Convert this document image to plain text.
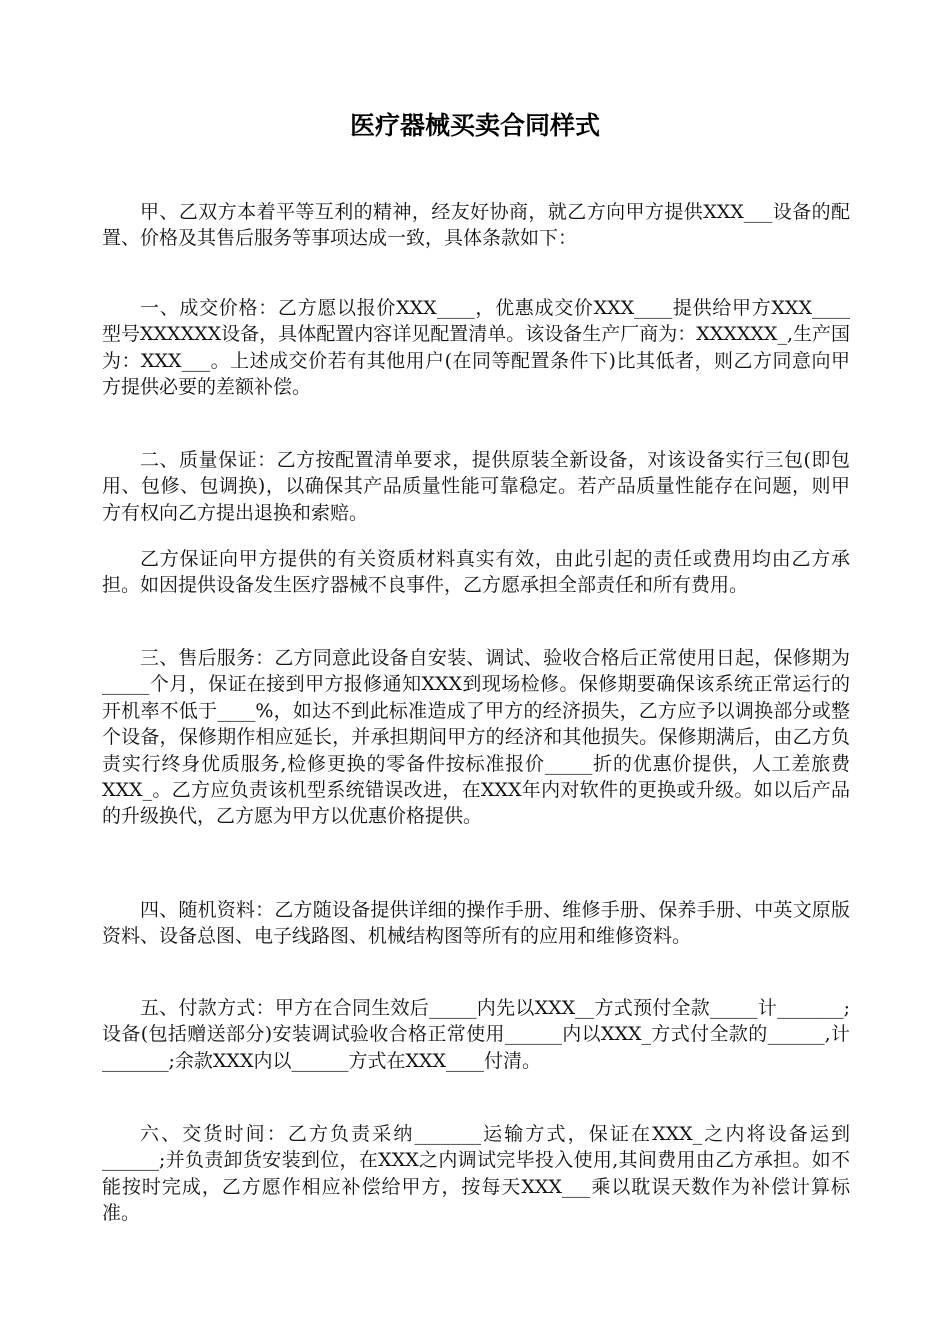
医疗器械买卖合同样式

甲、乙双方本着平等互利的精神，经友好协商，就乙方向甲方提供XXX___设备的配置、价格及其售后服务等事项达成一致，具体条款如下：

一、成交价格：乙方愿以报价XXX____，优惠成交价XXX____提供给甲方XXX____型号XXXXXX设备，具体配置内容详见配置清单。该设备生产厂商为：XXXXXX_,生产国为：XXX___。上述成交价若有其他用户(在同等配置条件下)比其低者，则乙方同意向甲方提供必要的差额补偿。

二、质量保证：乙方按配置清单要求，提供原装全新设备，对该设备实行三包(即包用、包修、包调换)，以确保其产品质量性能可靠稳定。若产品质量性能存在问题，则甲方有权向乙方提出退换和索赔。

乙方保证向甲方提供的有关资质材料真实有效，由此引起的责任或费用均由乙方承担。如因提供设备发生医疗器械不良事件，乙方愿承担全部责任和所有费用。

三、售后服务：乙方同意此设备自安装、调试、验收合格后正常使用日起，保修期为_____个月，保证在接到甲方报修通知XXX到现场检修。保修期要确保该系统正常运行的开机率不低于____%，如达不到此标准造成了甲方的经济损失，乙方应予以调换部分或整个设备，保修期作相应延长，并承担期间甲方的经济和其他损失。保修期满后，由乙方负责实行终身优质服务,检修更换的零备件按标准报价_____折的优惠价提供，人工差旅费XXX_。乙方应负责该机型系统错误改进，在XXX年内对软件的更换或升级。如以后产品的升级换代，乙方愿为甲方以优惠价格提供。

四、随机资料：乙方随设备提供详细的操作手册、维修手册、保养手册、中英文原版资料、设备总图、电子线路图、机械结构图等所有的应用和维修资料。

五、付款方式：甲方在合同生效后_____内先以XXX__方式预付全款_____计_______;设备(包括赠送部分)安装调试验收合格正常使用______内以XXX_方式付全款的______,计_______;余款XXX内以______方式在XXX____付清。

六、交货时间：乙方负责采纳_______运输方式，保证在XXX_之内将设备运到______;并负责卸货安装到位，在XXX之内调试完毕投入使用,其间费用由乙方承担。如不能按时完成，乙方愿作相应补偿给甲方，按每天XXX___乘以耽误天数作为补偿计算标准。
